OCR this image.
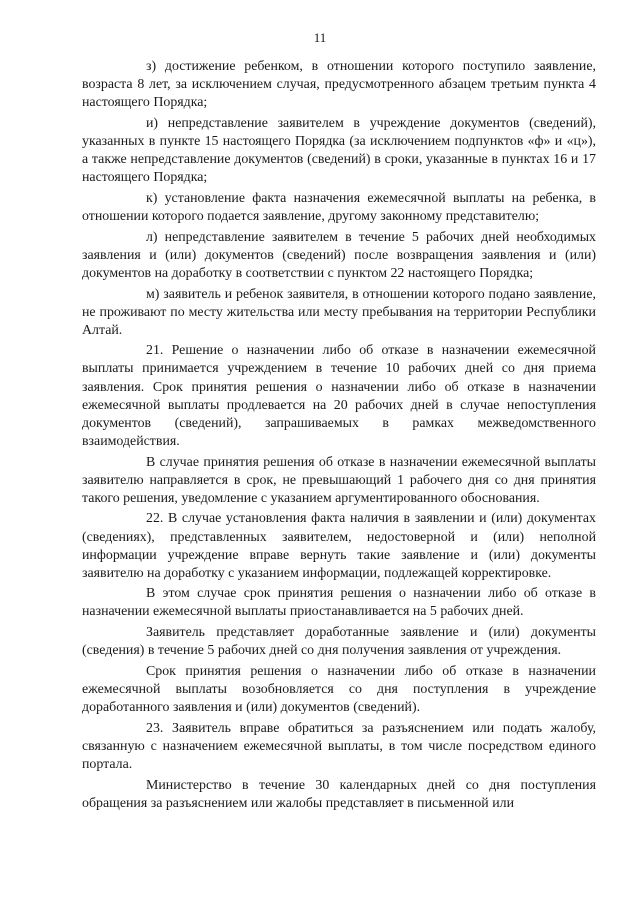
11

з) достижение ребенком, в отношении которого поступило заявление, возраста 8 лет, за исключением случая, предусмотренного абзацем третьим пункта 4 настоящего Порядка;

и) непредставление заявителем в учреждение документов (сведений), указанных в пункте 15 настоящего Порядка (за исключением подпунктов «ф» и «ц»), а также непредставление документов (сведений) в сроки, указанные в пунктах 16 и 17 настоящего Порядка;

к) установление факта назначения ежемесячной выплаты на ребенка, в отношении которого подается заявление, другому законному представителю;

л) непредставление заявителем в течение 5 рабочих дней необходимых заявления и (или) документов (сведений) после возвращения заявления и (или) документов на доработку в соответствии с пунктом 22 настоящего Порядка;

м) заявитель и ребенок заявителя, в отношении которого подано заявление, не проживают по месту жительства или месту пребывания на территории Республики Алтай.

21. Решение о назначении либо об отказе в назначении ежемесячной выплаты принимается учреждением в течение 10 рабочих дней со дня приема заявления. Срок принятия решения о назначении либо об отказе в назначении ежемесячной выплаты продлевается на 20 рабочих дней в случае непоступления документов (сведений), запрашиваемых в рамках межведомственного взаимодействия.

В случае принятия решения об отказе в назначении ежемесячной выплаты заявителю направляется в срок, не превышающий 1 рабочего дня со дня принятия такого решения, уведомление с указанием аргументированного обоснования.

22. В случае установления факта наличия в заявлении и (или) документах (сведениях), представленных заявителем, недостоверной и (или) неполной информации учреждение вправе вернуть такие заявление и (или) документы заявителю на доработку с указанием информации, подлежащей корректировке.

В этом случае срок принятия решения о назначении либо об отказе в назначении ежемесячной выплаты приостанавливается на 5 рабочих дней.

Заявитель представляет доработанные заявление и (или) документы (сведения) в течение 5 рабочих дней со дня получения заявления от учреждения.

Срок принятия решения о назначении либо об отказе в назначении ежемесячной выплаты возобновляется со дня поступления в учреждение доработанного заявления и (или) документов (сведений).

23. Заявитель вправе обратиться за разъяснением или подать жалобу, связанную с назначением ежемесячной выплаты, в том числе посредством единого портала.

Министерство в течение 30 календарных дней со дня поступления обращения за разъяснением или жалобы представляет в письменной или
